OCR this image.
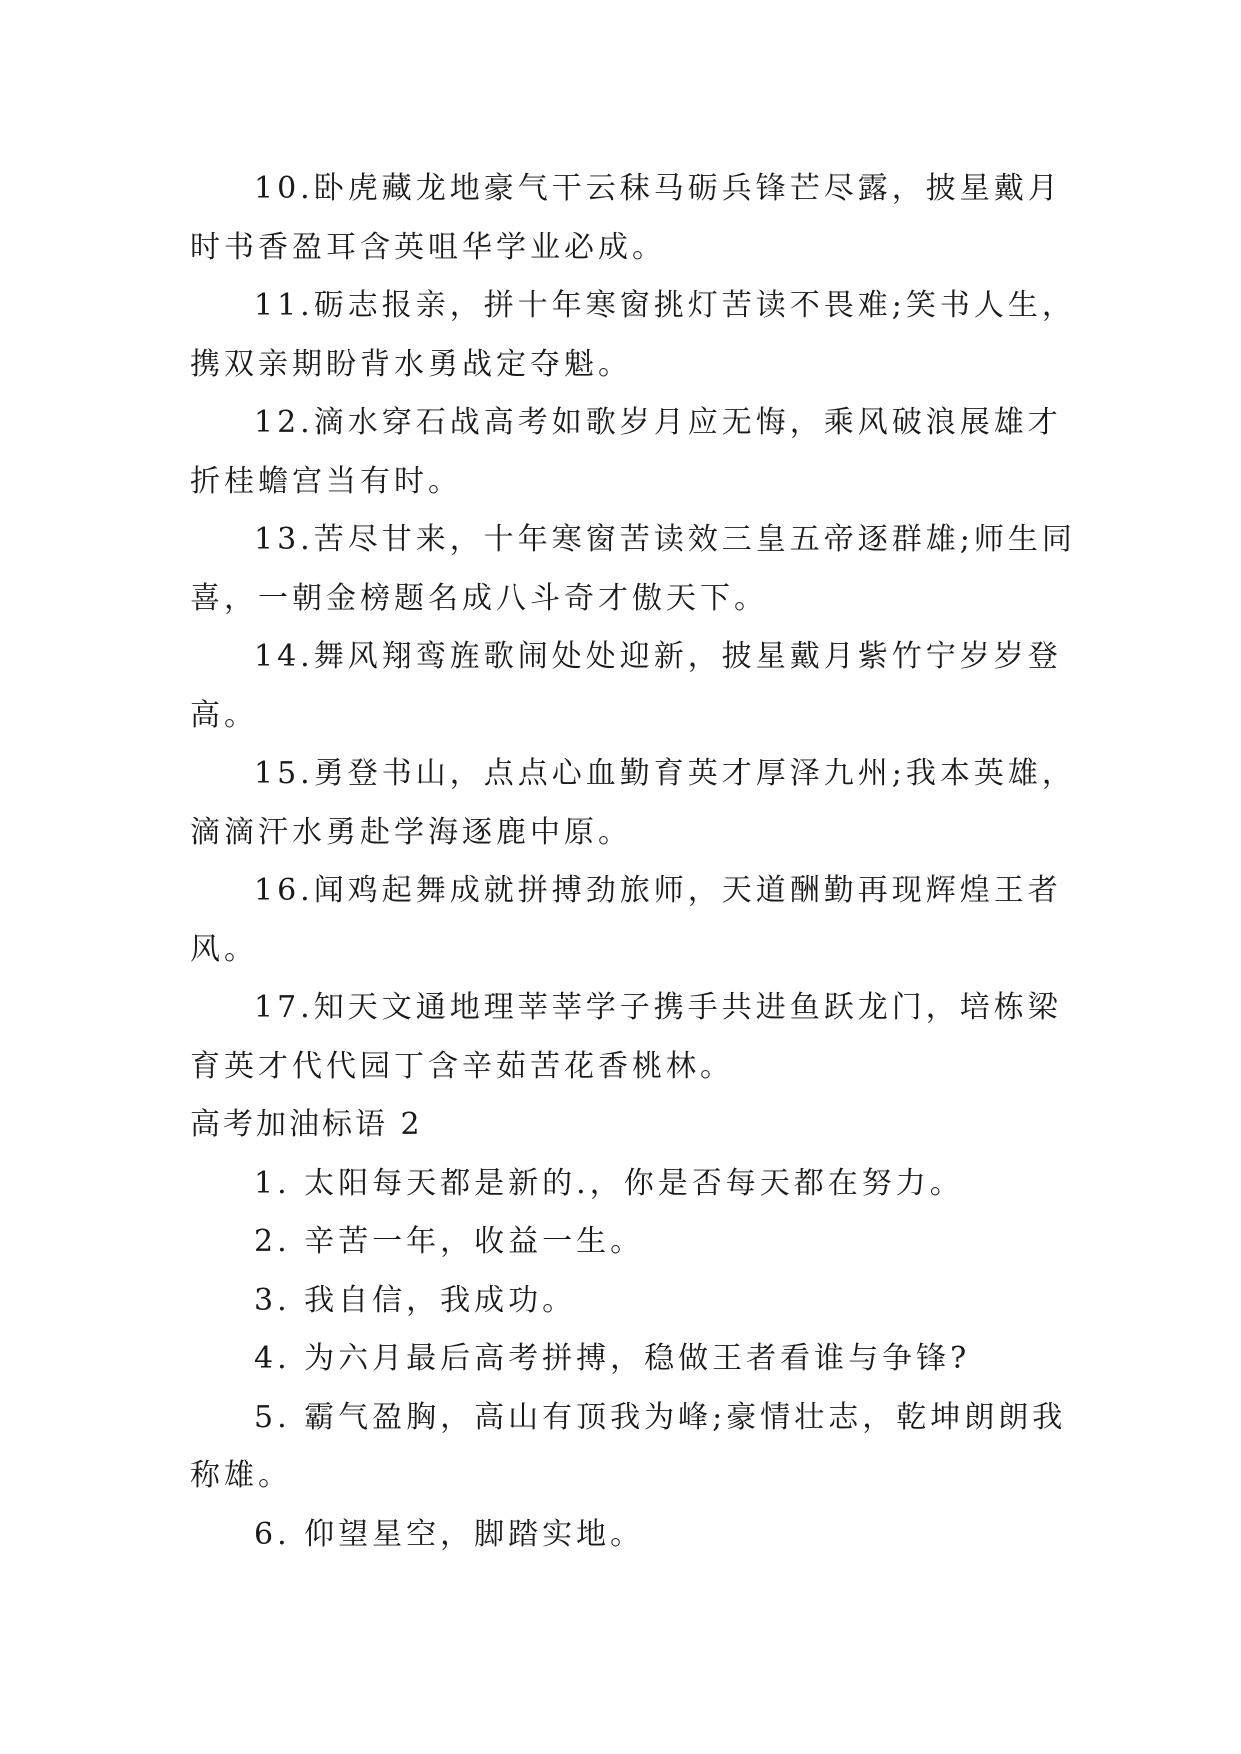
10.卧虎藏龙地豪气干云秣马砺兵锋芒尽露，披星戴月
时书香盈耳含英咀华学业必成。
11.砺志报亲，拼十年寒窗挑灯苦读不畏难;笑书人生，
携双亲期盼背水勇战定夺魁。
12.滴水穿石战高考如歌岁月应无悔，乘风破浪展雄才
折桂蟾宫当有时。
13.苦尽甘来，十年寒窗苦读效三皇五帝逐群雄;师生同
喜，一朝金榜题名成八斗奇才傲天下。
14.舞风翔鸾旌歌闹处处迎新，披星戴月紫竹宁岁岁登
高。
15.勇登书山，点点心血勤育英才厚泽九州;我本英雄，
滴滴汗水勇赴学海逐鹿中原。
16.闻鸡起舞成就拼搏劲旅师，天道酬勤再现辉煌王者
风。
17.知天文通地理莘莘学子携手共进鱼跃龙门，培栋梁
育英才代代园丁含辛茹苦花香桃林。
高考加油标语 2
1. 太阳每天都是新的.，你是否每天都在努力。
2. 辛苦一年，收益一生。
3. 我自信，我成功。
4. 为六月最后高考拼搏，稳做王者看谁与争锋?
5. 霸气盈胸，高山有顶我为峰;豪情壮志，乾坤朗朗我
称雄。
6. 仰望星空，脚踏实地。
